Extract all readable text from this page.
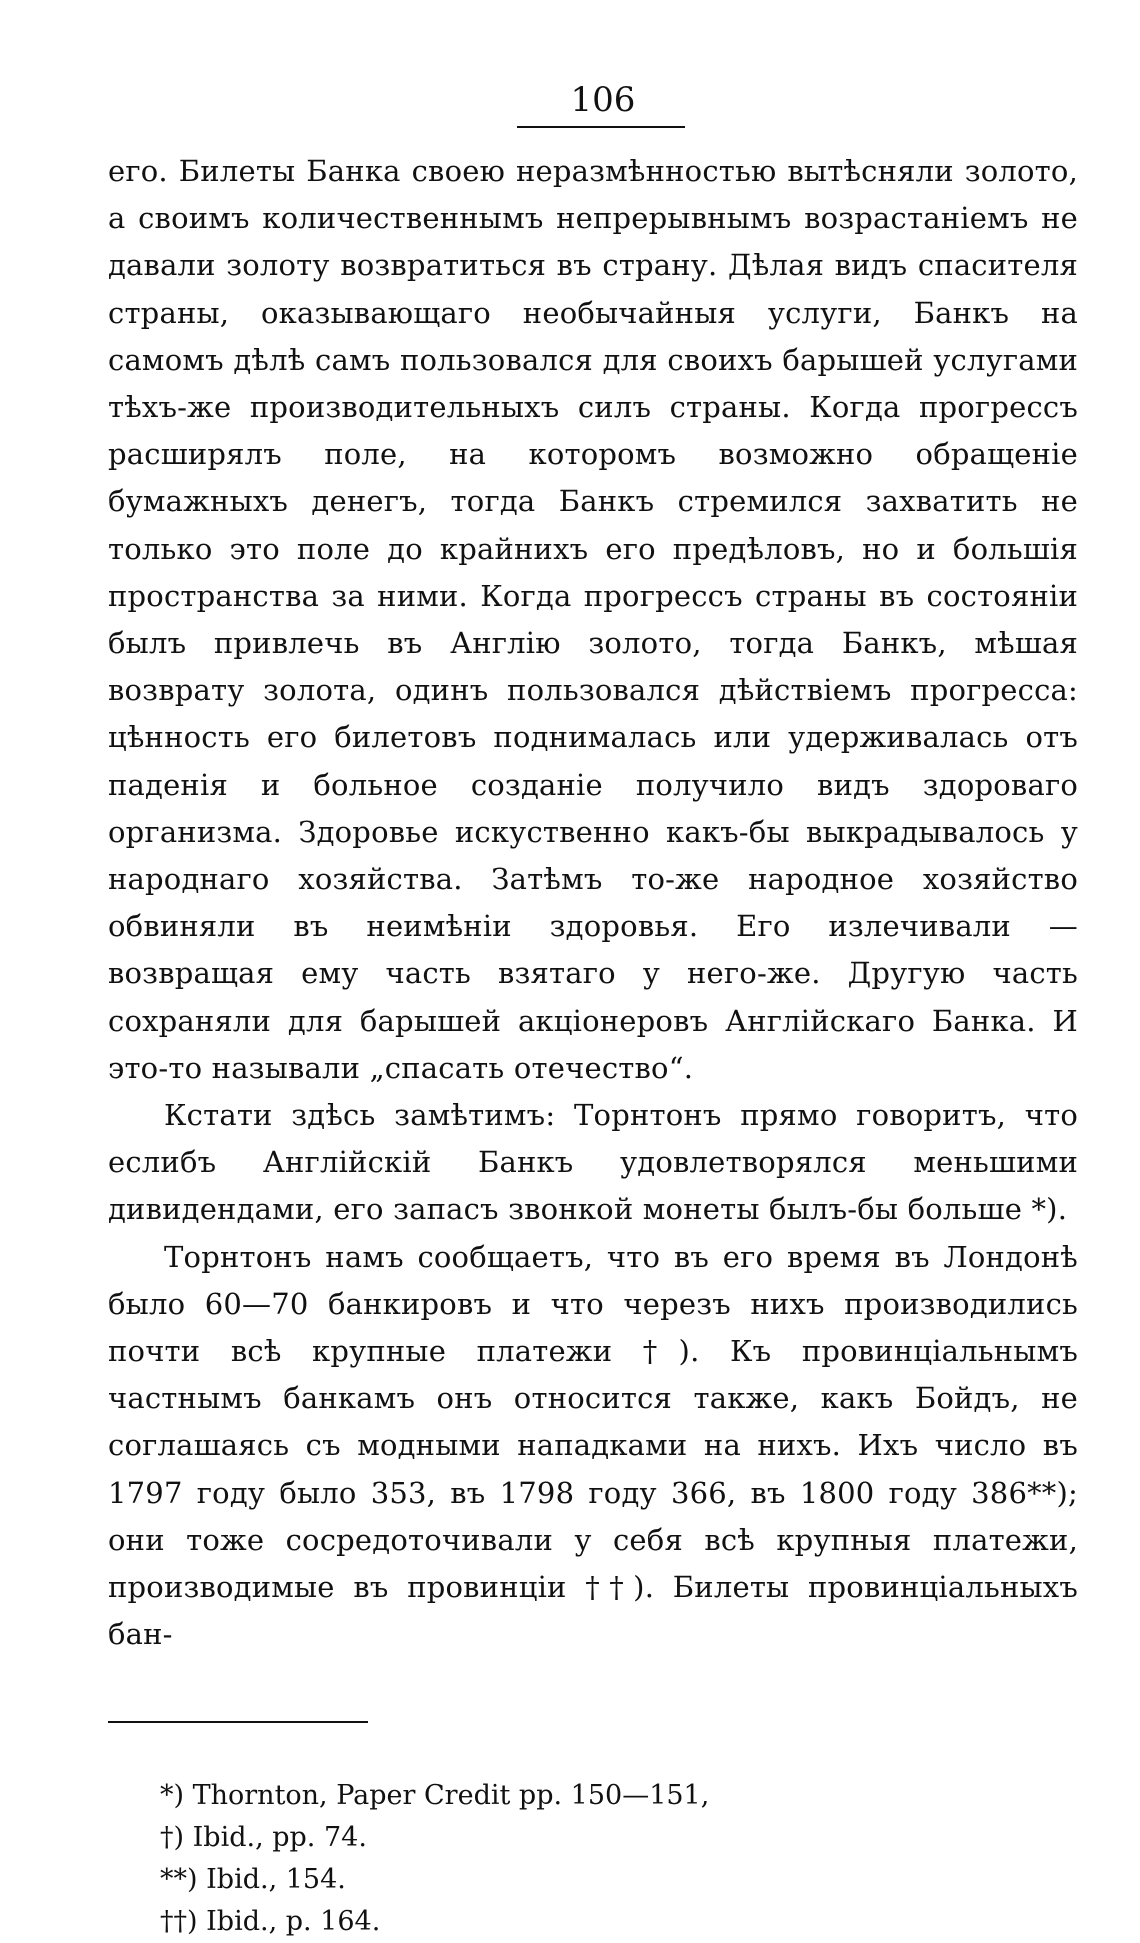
106

его. Билеты Банка своею неразмѣнностью вытѣсняли золото, а своимъ количественнымъ непрерывнымъ возрастаніемъ не давали золоту возвратиться въ страну. Дѣлая видъ спасителя страны, оказывающаго необычайныя услуги, Банкъ на самомъ дѣлѣ самъ пользовался для своихъ барышей услугами тѣхъ-же производительныхъ силъ страны. Когда прогрессъ расширялъ поле, на которомъ возможно обращеніе бумажныхъ денегъ, тогда Банкъ стремился захватить не только это поле до крайнихъ его предѣловъ, но и большія пространства за ними. Когда прогрессъ страны въ состояніи былъ привлечь въ Англію золото, тогда Банкъ, мѣшая возврату золота, одинъ пользовался дѣйствіемъ прогресса: цѣнность его билетовъ поднималась или удерживалась отъ паденія и больное созданіе получило видъ здороваго организма. Здоровье искуственно какъ-бы выкрадывалось у народнаго хозяйства. Затѣмъ то-же народное хозяйство обвиняли въ неимѣніи здоровья. Его излечивали — возвращая ему часть взятаго у него-же. Другую часть сохраняли для барышей акціонеровъ Англійскаго Банка. И это-то называли „спасать отечество“.

Кстати здѣсь замѣтимъ: Торнтонъ прямо говоритъ, что еслибъ Англійскій Банкъ удовлетворялся меньшими дивидендами, его запасъ звонкой монеты былъ-бы больше *).

Торнтонъ намъ сообщаетъ, что въ его время въ Лондонѣ было 60—70 банкировъ и что черезъ нихъ производились почти всѣ крупные платежи †). Къ провинціальнымъ частнымъ банкамъ онъ относится также, какъ Бойдъ, не соглашаясь съ модными нападками на нихъ. Ихъ число въ 1797 году было 353, въ 1798 году 366, въ 1800 году 386**); они тоже сосредоточивали у себя всѣ крупныя платежи, производимые въ провинціи ††). Билеты провинціальныхъ бан-

*) Thornton, Paper Credit pp. 150—151,

†) Ibid., pp. 74.

**) Ibid., 154.

††) Ibid., p. 164.
